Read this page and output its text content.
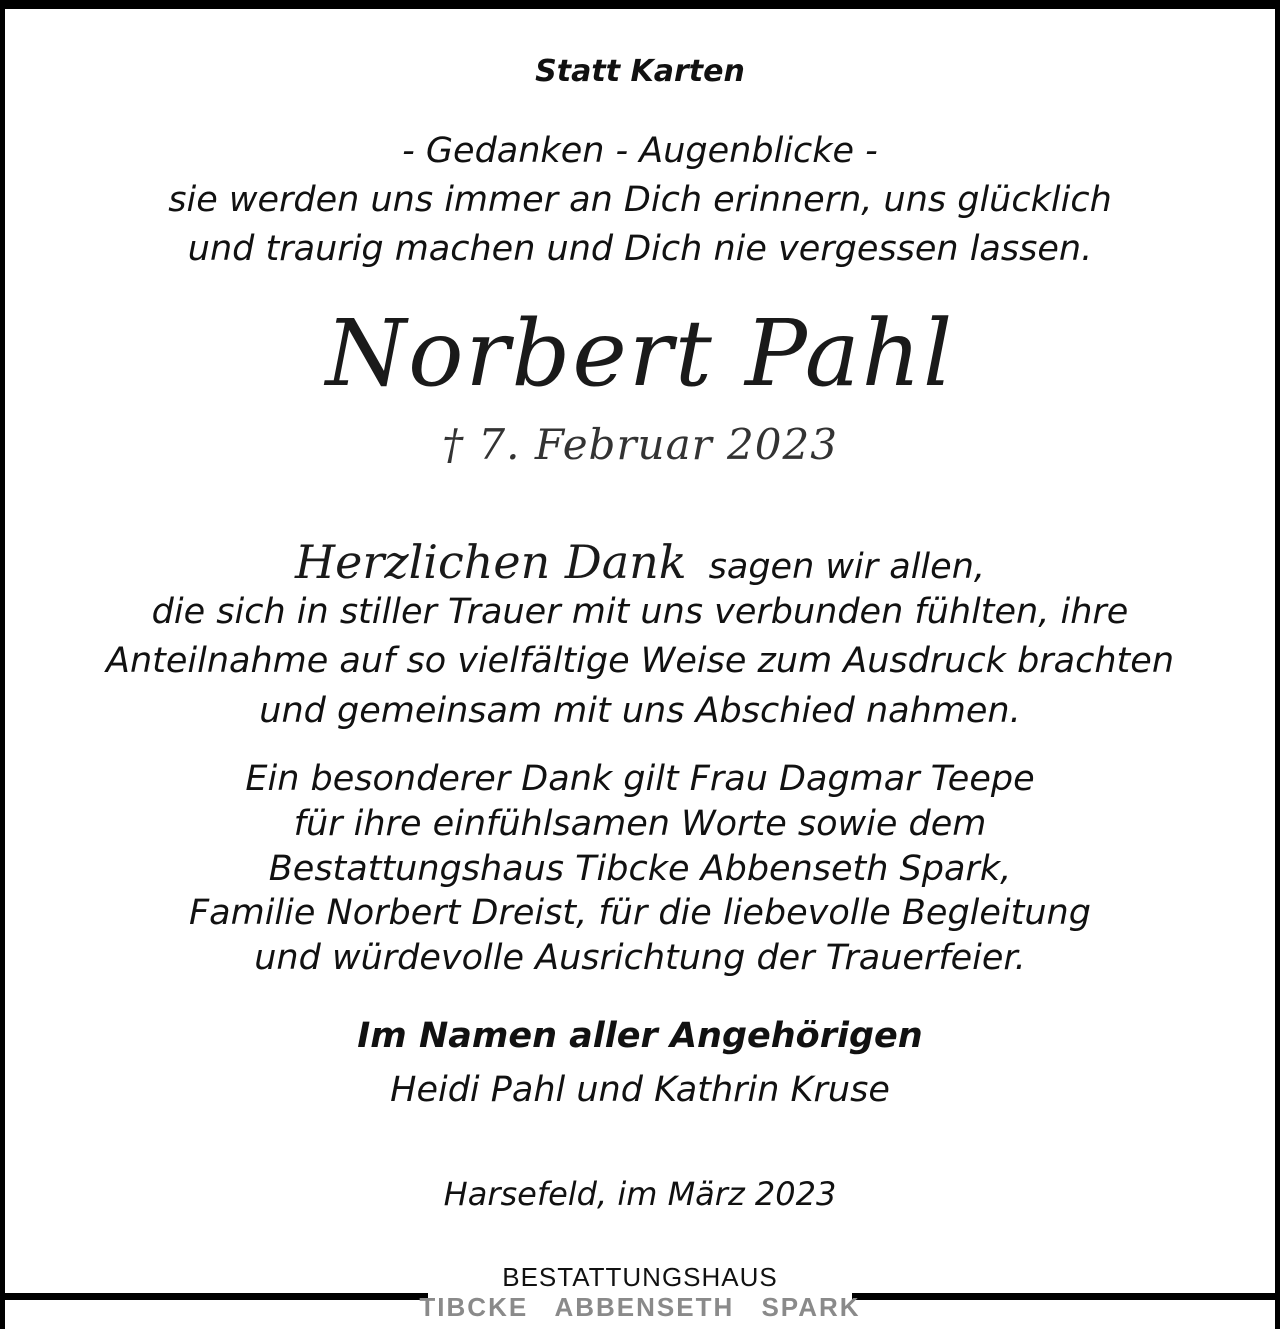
Statt Karten
- Gedanken - Augenblicke -
sie werden uns immer an Dich erinnern, uns glücklich
und traurig machen und Dich nie vergessen lassen.
Norbert Pahl
† 7. Februar 2023
Herzlichen Dank sagen wir allen,
die sich in stiller Trauer mit uns verbunden fühlten, ihre
Anteilnahme auf so vielfältige Weise zum Ausdruck brachten
und gemeinsam mit uns Abschied nahmen.
Ein besonderer Dank gilt Frau Dagmar Teepe
für ihre einfühlsamen Worte sowie dem
Bestattungshaus Tibcke Abbenseth Spark,
Familie Norbert Dreist, für die liebevolle Begleitung
und würdevolle Ausrichtung der Trauerfeier.
Im Namen aller Angehörigen
Heidi Pahl und Kathrin Kruse
Harsefeld, im März 2023
BESTATTUNGSHAUS
TIBCKE ABBENSETH SPARK
